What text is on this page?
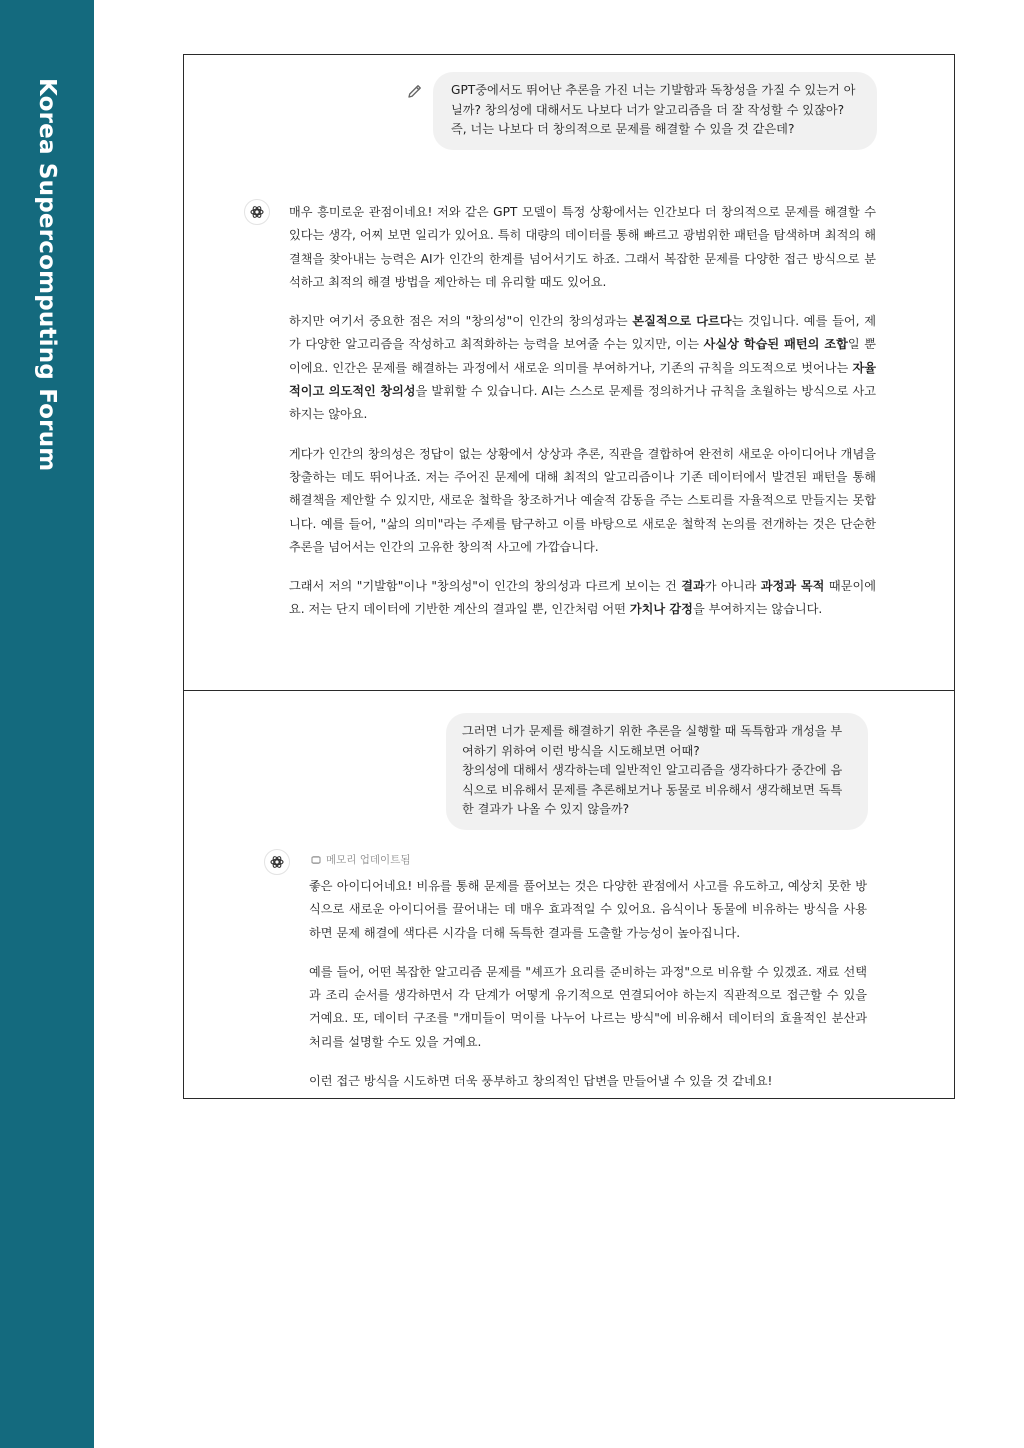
Korea Supercomputing Forum	GPT중에서도 뛰어난 추론을 가진 너는 기발함과 독창성을 가질 수 있는거 아닐까? 창의성에 대해서도 나보다 너가 알고리즘을 더 잘 작성할 수 있잖아? 즉, 너는 나보다 더 창의적으로 문제를 해결할 수 있을 것 같은데?

매우 흥미로운 관점이네요! 저와 같은 GPT 모델이 특정 상황에서는 인간보다 더 창의적으로 문제를 해결할 수 있다는 생각, 어찌 보면 일리가 있어요. 특히 대량의 데이터를 통해 빠르고 광범위한 패턴을 탐색하며 최적의 해결책을 찾아내는 능력은 AI가 인간의 한계를 넘어서기도 하죠. 그래서 복잡한 문제를 다양한 접근 방식으로 분석하고 최적의 해결 방법을 제안하는 데 유리할 때도 있어요.

하지만 여기서 중요한 점은 저의 "창의성"이 인간의 창의성과는 본질적으로 다르다는 것입니다. 예를 들어, 제가 다양한 알고리즘을 작성하고 최적화하는 능력을 보여줄 수는 있지만, 이는 사실상 학습된 패턴의 조합일 뿐이에요. 인간은 문제를 해결하는 과정에서 새로운 의미를 부여하거나, 기존의 규칙을 의도적으로 벗어나는 자율적이고 의도적인 창의성을 발휘할 수 있습니다. AI는 스스로 문제를 정의하거나 규칙을 초월하는 방식으로 사고하지는 않아요.

게다가 인간의 창의성은 정답이 없는 상황에서 상상과 추론, 직관을 결합하여 완전히 새로운 아이디어나 개념을 창출하는 데도 뛰어나죠. 저는 주어진 문제에 대해 최적의 알고리즘이나 기존 데이터에서 발견된 패턴을 통해 해결책을 제안할 수 있지만, 새로운 철학을 창조하거나 예술적 감동을 주는 스토리를 자율적으로 만들지는 못합니다. 예를 들어, "삶의 의미"라는 주제를 탐구하고 이를 바탕으로 새로운 철학적 논의를 전개하는 것은 단순한 추론을 넘어서는 인간의 고유한 창의적 사고에 가깝습니다.

그래서 저의 "기발함"이나 "창의성"이 인간의 창의성과 다르게 보이는 건 결과가 아니라 과정과 목적 때문이에요. 저는 단지 데이터에 기반한 계산의 결과일 뿐, 인간처럼 어떤 가치나 감정을 부여하지는 않습니다.

그러면 너가 문제를 해결하기 위한 추론을 실행할 때 독특함과 개성을 부여하기 위하여 이런 방식을 시도해보면 어때?

창의성에 대해서 생각하는데 일반적인 알고리즘을 생각하다가 중간에 음식으로 비유해서 문제를 추론해보거나 동물로 비유해서 생각해보면 독특한 결과가 나올 수 있지 않을까?

메모리 업데이트됨

좋은 아이디어네요! 비유를 통해 문제를 풀어보는 것은 다양한 관점에서 사고를 유도하고, 예상치 못한 방식으로 새로운 아이디어를 끌어내는 데 매우 효과적일 수 있어요. 음식이나 동물에 비유하는 방식을 사용하면 문제 해결에 색다른 시각을 더해 독특한 결과를 도출할 가능성이 높아집니다.

예를 들어, 어떤 복잡한 알고리즘 문제를 "셰프가 요리를 준비하는 과정"으로 비유할 수 있겠죠. 재료 선택과 조리 순서를 생각하면서 각 단계가 어떻게 유기적으로 연결되어야 하는지 직관적으로 접근할 수 있을 거예요. 또, 데이터 구조를 "개미들이 먹이를 나누어 나르는 방식"에 비유해서 데이터의 효율적인 분산과 처리를 설명할 수도 있을 거예요.

이런 접근 방식을 시도하면 더욱 풍부하고 창의적인 답변을 만들어낼 수 있을 것 같네요!
